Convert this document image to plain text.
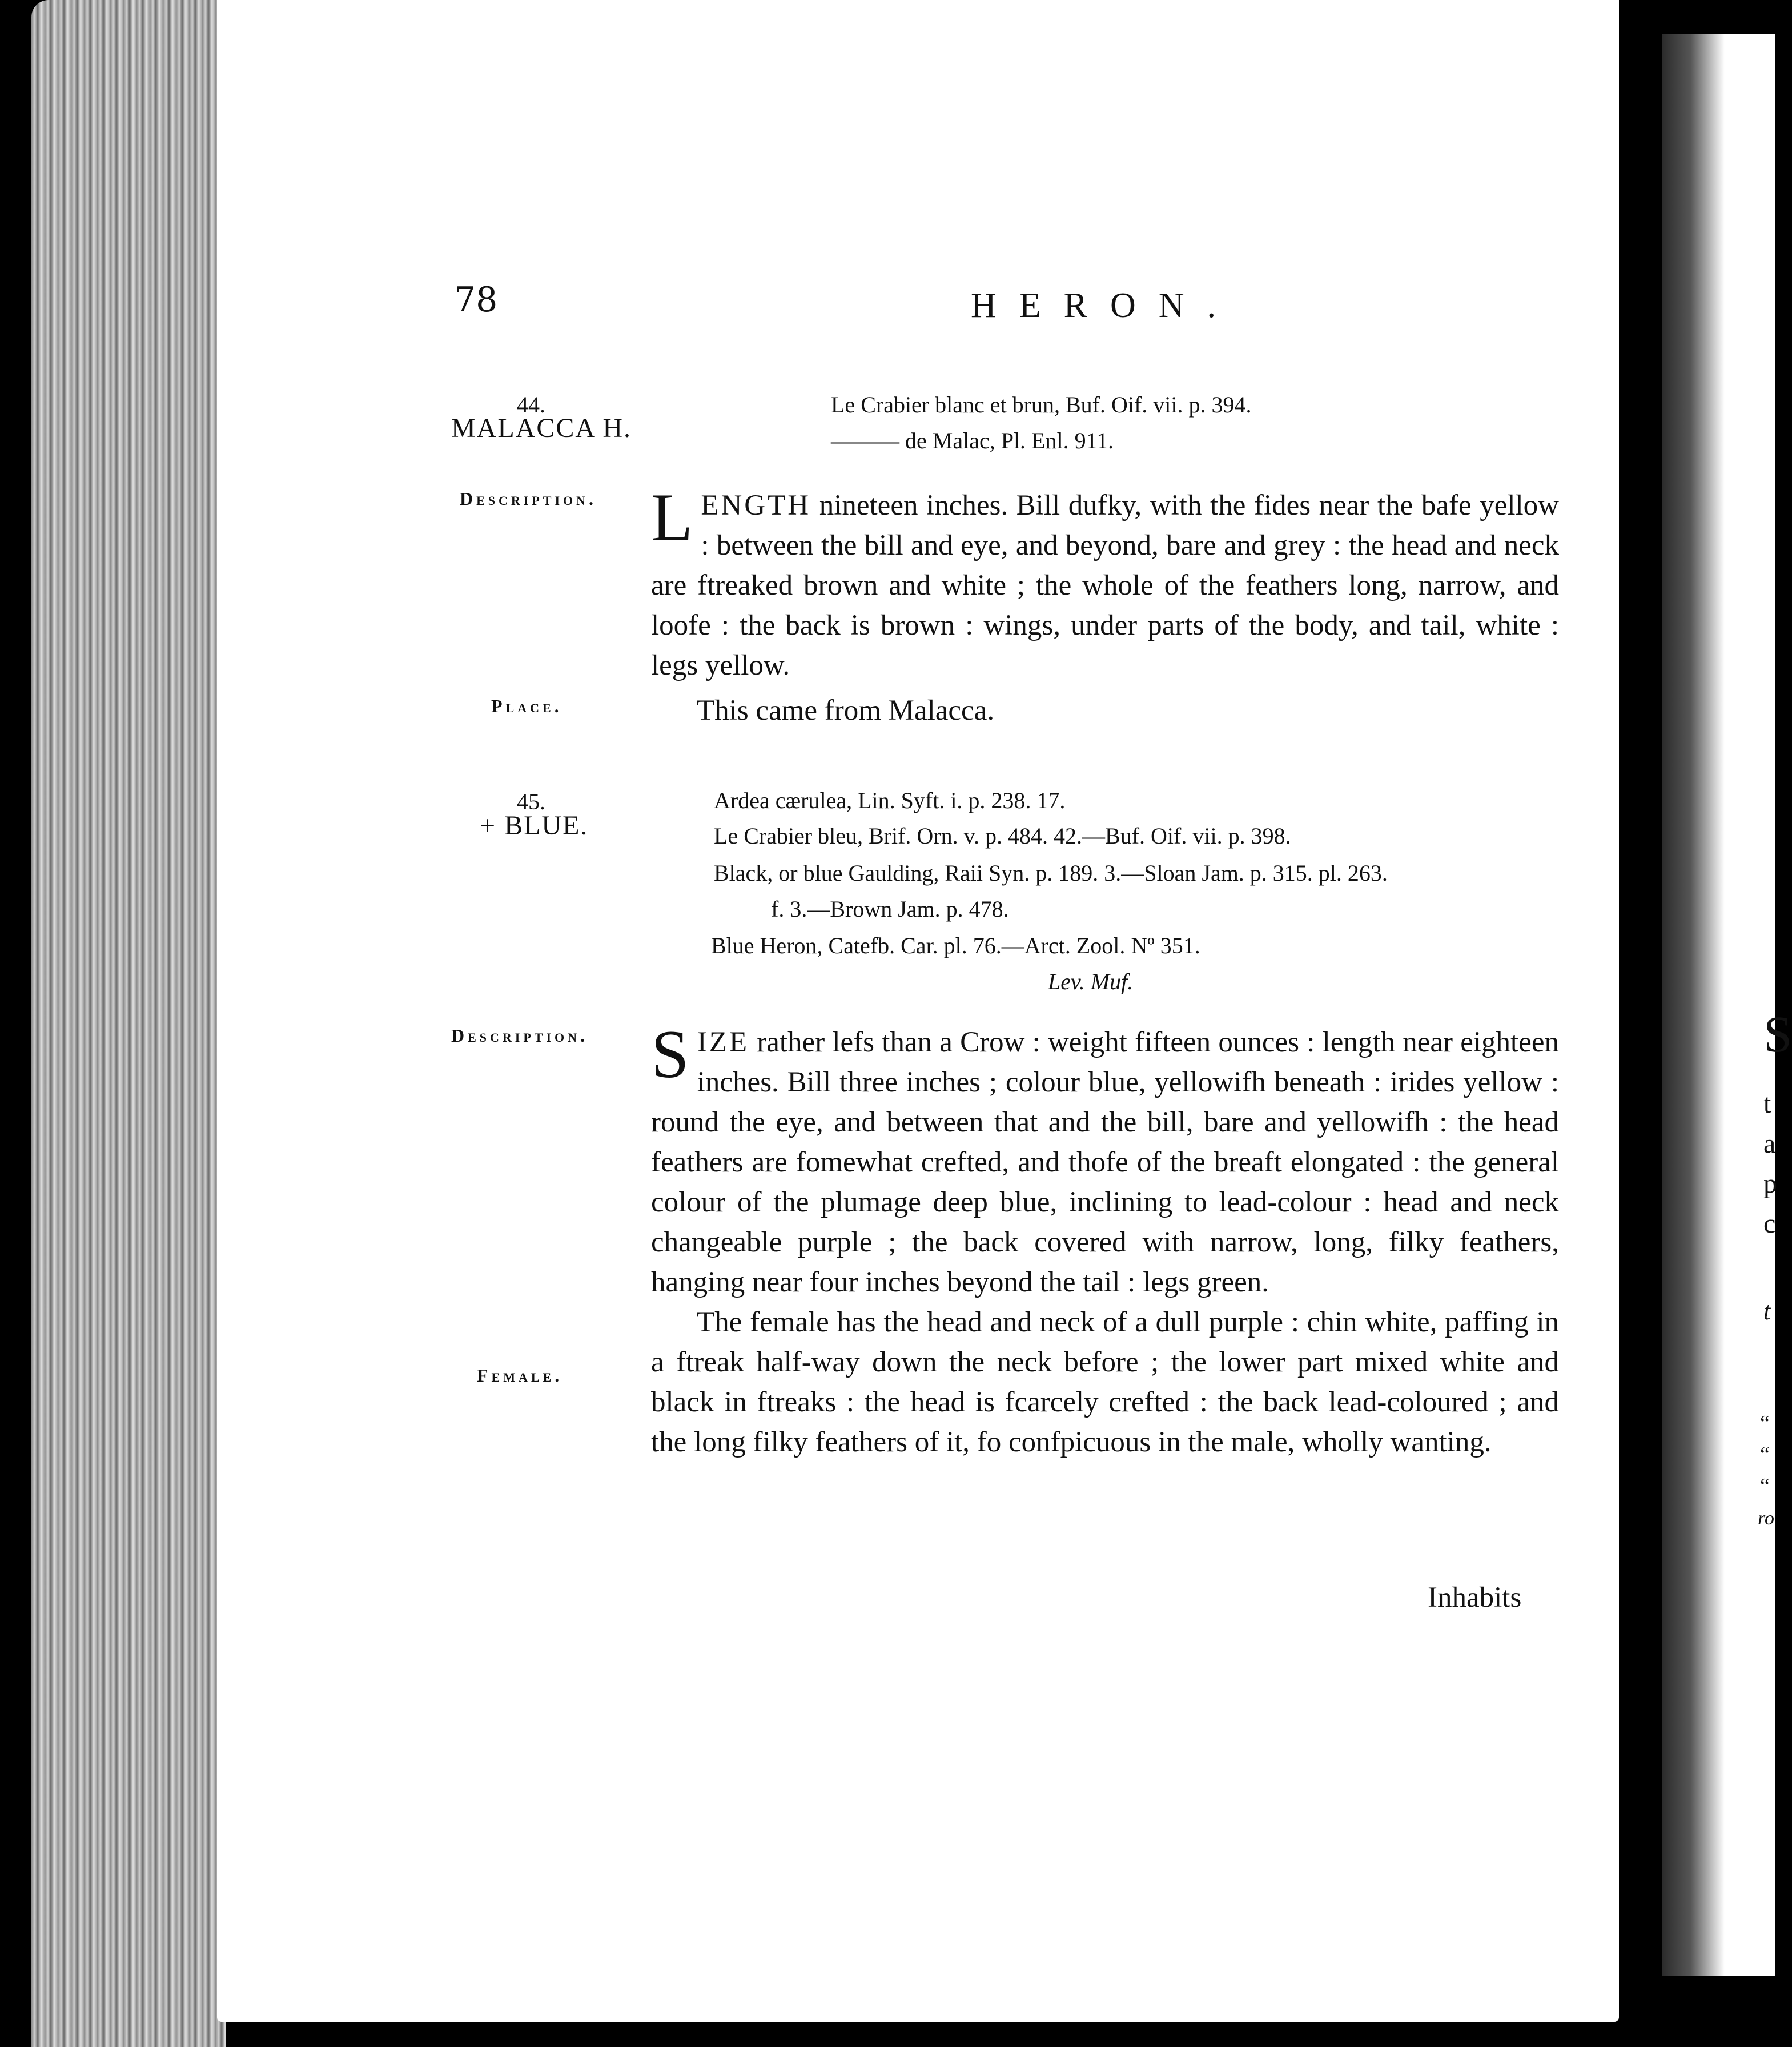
S
t
a
p
c
t
“
“
“
ro
78	HERON.
44.
MALACCA H.
Le Crabier blanc et brun, Buf. Oif. vii. p. 394.
——— de Malac, Pl. Enl. 911.
Description. LENGTH nineteen inches. Bill dufky, with the fides near the bafe yellow : between the bill and eye, and beyond, bare and grey : the head and neck are ftreaked brown and white ; the whole of the feathers long, narrow, and loofe : the back is brown : wings, under parts of the body, and tail, white : legs yellow.

Place.	This came from Malacca.
45.
+ BLUE.
Ardea cærulea, Lin. Syft. i. p. 238. 17.
Le Crabier bleu, Brif. Orn. v. p. 484. 42.—Buf. Oif. vii. p. 398.
Black, or blue Gaulding, Raii Syn. p. 189. 3.—Sloan Jam. p. 315. pl. 263.
f. 3.—Brown Jam. p. 478.
Blue Heron, Catefb. Car. pl. 76.—Arct. Zool. Nº 351.
Lev. Muf.
Description. SIZE rather lefs than a Crow : weight fifteen ounces : length near eighteen inches. Bill three inches ; colour blue, yellowifh beneath : irides yellow : round the eye, and between that and the bill, bare and yellowifh : the head feathers are fomewhat crefted, and thofe of the breaft elongated : the general colour of the plumage deep blue, inclining to lead-colour : head and neck changeable purple ; the back covered with narrow, long, filky feathers, hanging near four inches beyond the tail : legs green.

The female has the head and neck of a dull purple : chin white, paffing in a ftreak half-way down the neck before ; the lower part mixed white and black in ftreaks : the head is fcarcely crefted : the back lead-coloured ; and the long filky feathers of it, fo confpicuous in the male, wholly wanting.

Female.
Inhabits
